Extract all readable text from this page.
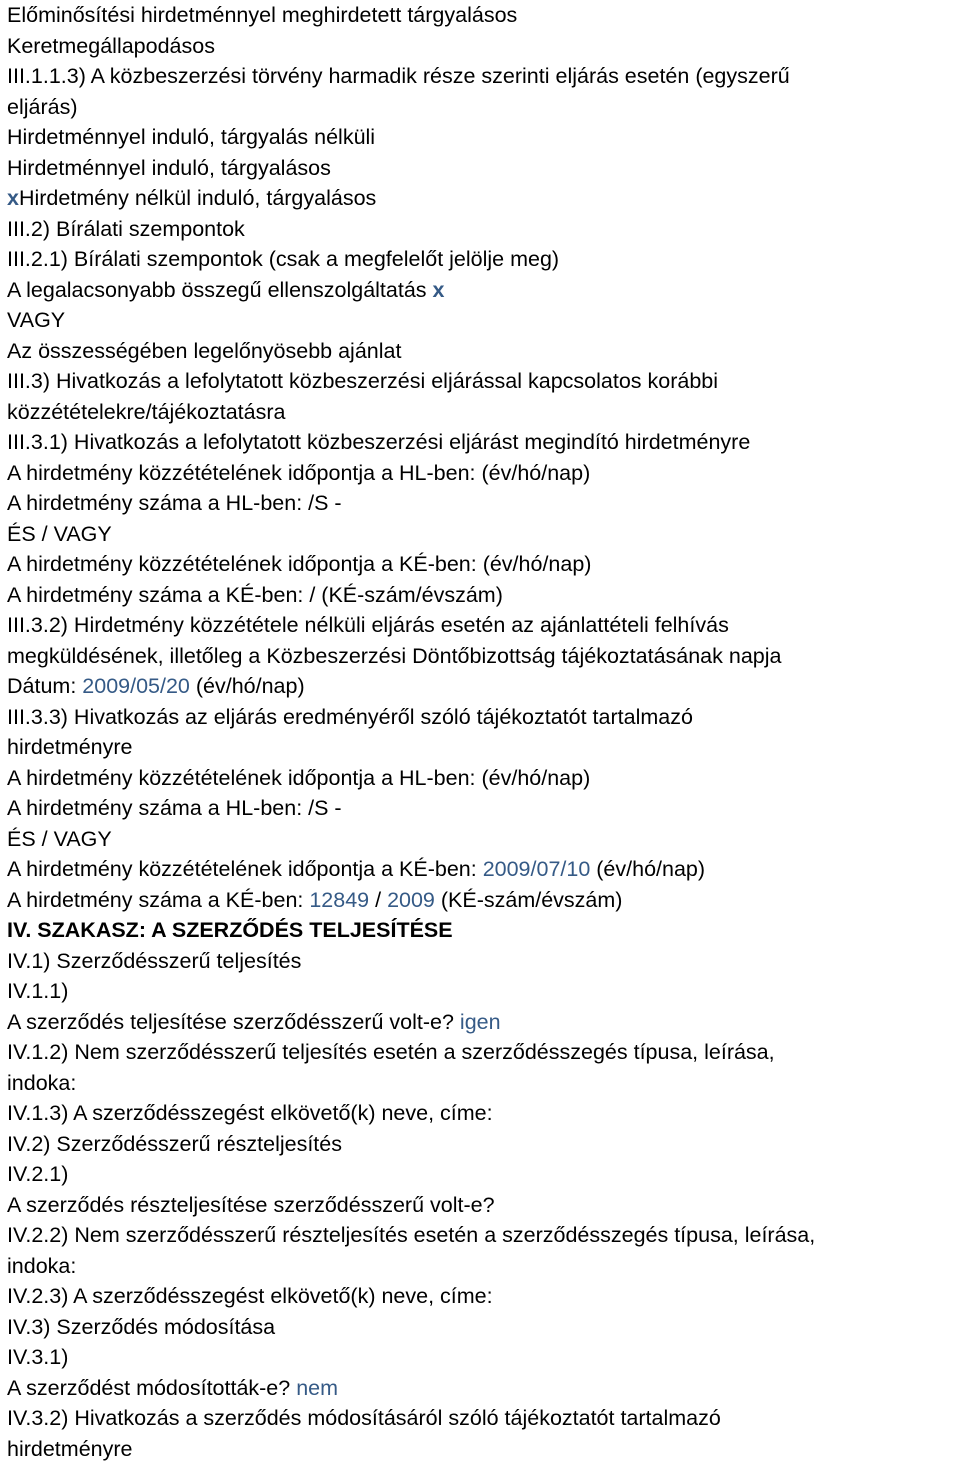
Előminősítési hirdetménnyel meghirdetett tárgyalásos
Keretmegállapodásos
III.1.1.3) A közbeszerzési törvény harmadik része szerinti eljárás esetén (egyszerű
eljárás)
Hirdetménnyel induló, tárgyalás nélküli
Hirdetménnyel induló, tárgyalásos
xHirdetmény nélkül induló, tárgyalásos
III.2) Bírálati szempontok
III.2.1) Bírálati szempontok (csak a megfelelőt jelölje meg)
A legalacsonyabb összegű ellenszolgáltatás x
VAGY
Az összességében legelőnyösebb ajánlat
III.3) Hivatkozás a lefolytatott közbeszerzési eljárással kapcsolatos korábbi
közzétételekre/tájékoztatásra
III.3.1) Hivatkozás a lefolytatott közbeszerzési eljárást megindító hirdetményre
A hirdetmény közzétételének időpontja a HL-ben: (év/hó/nap)
A hirdetmény száma a HL-ben: /S -
ÉS / VAGY
A hirdetmény közzétételének időpontja a KÉ-ben: (év/hó/nap)
A hirdetmény száma a KÉ-ben: / (KÉ-szám/évszám)
III.3.2) Hirdetmény közzététele nélküli eljárás esetén az ajánlattételi felhívás
megküldésének, illetőleg a Közbeszerzési Döntőbizottság tájékoztatásának napja
Dátum: 2009/05/20 (év/hó/nap)
III.3.3) Hivatkozás az eljárás eredményéről szóló tájékoztatót tartalmazó
hirdetményre
A hirdetmény közzétételének időpontja a HL-ben: (év/hó/nap)
A hirdetmény száma a HL-ben: /S -
ÉS / VAGY
A hirdetmény közzétételének időpontja a KÉ-ben: 2009/07/10 (év/hó/nap)
A hirdetmény száma a KÉ-ben: 12849 / 2009 (KÉ-szám/évszám)
IV. SZAKASZ: A SZERZŐDÉS TELJESÍTÉSE
IV.1) Szerződésszerű teljesítés
IV.1.1)
A szerződés teljesítése szerződésszerű volt-e? igen
IV.1.2) Nem szerződésszerű teljesítés esetén a szerződésszegés típusa, leírása,
indoka:
IV.1.3) A szerződésszegést elkövető(k) neve, címe:
IV.2) Szerződésszerű részteljesítés
IV.2.1)
A szerződés részteljesítése szerződésszerű volt-e?
IV.2.2) Nem szerződésszerű részteljesítés esetén a szerződésszegés típusa, leírása,
indoka:
IV.2.3) A szerződésszegést elkövető(k) neve, címe:
IV.3) Szerződés módosítása
IV.3.1)
A szerződést módosították-e? nem
IV.3.2) Hivatkozás a szerződés módosításáról szóló tájékoztatót tartalmazó
hirdetményre
